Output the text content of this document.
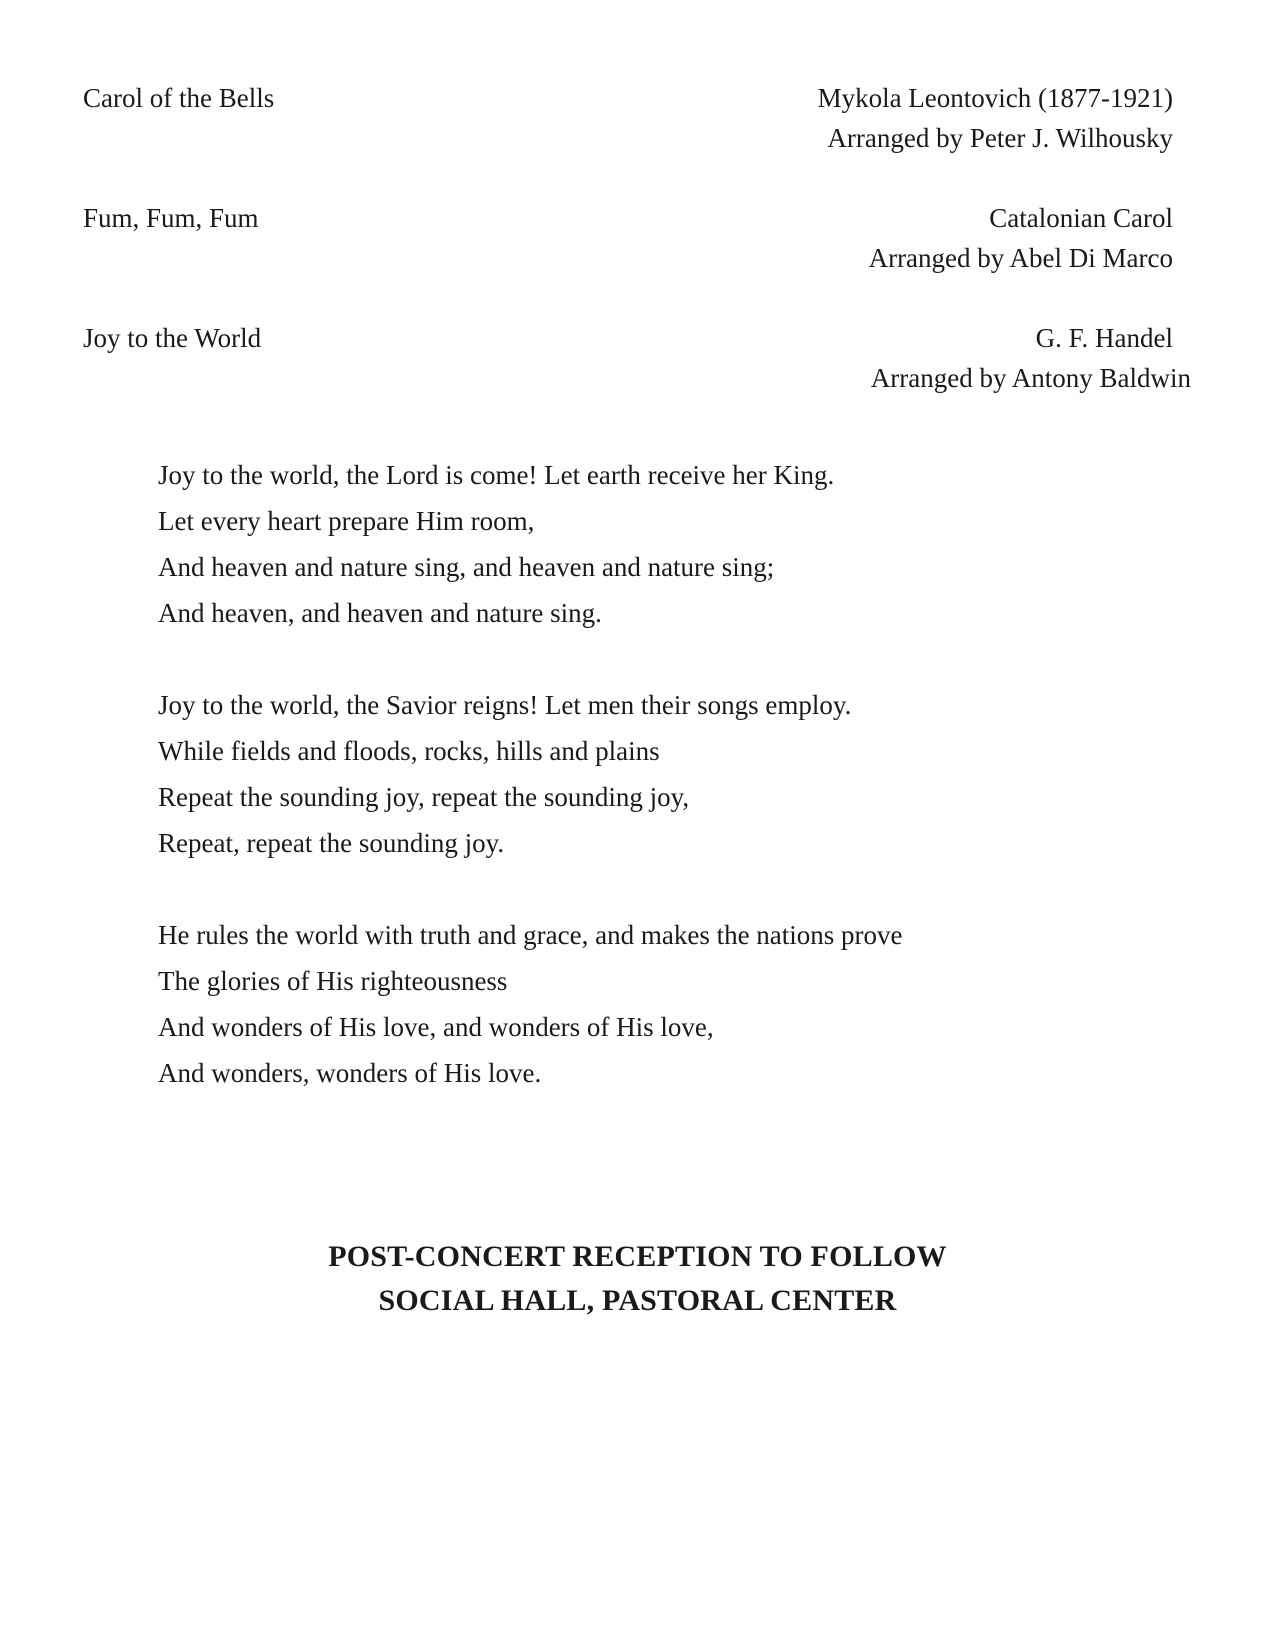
Carol of the Bells	Mykola Leontovich (1877-1921)
Arranged by Peter J. Wilhousky
Fum, Fum, Fum	Catalonian Carol
Arranged by Abel Di Marco
Joy to the World	G. F. Handel
Arranged by Antony Baldwin
Joy to the world, the Lord is come! Let earth receive her King.
Let every heart prepare Him room,
And heaven and nature sing, and heaven and nature sing;
And heaven, and heaven and nature sing.
Joy to the world, the Savior reigns! Let men their songs employ.
While fields and floods, rocks, hills and plains
Repeat the sounding joy, repeat the sounding joy,
Repeat, repeat the sounding joy.
He rules the world with truth and grace, and makes the nations prove
The glories of His righteousness
And wonders of His love, and wonders of His love,
And wonders, wonders of His love.
POST-CONCERT RECEPTION TO FOLLOW
SOCIAL HALL, PASTORAL CENTER
